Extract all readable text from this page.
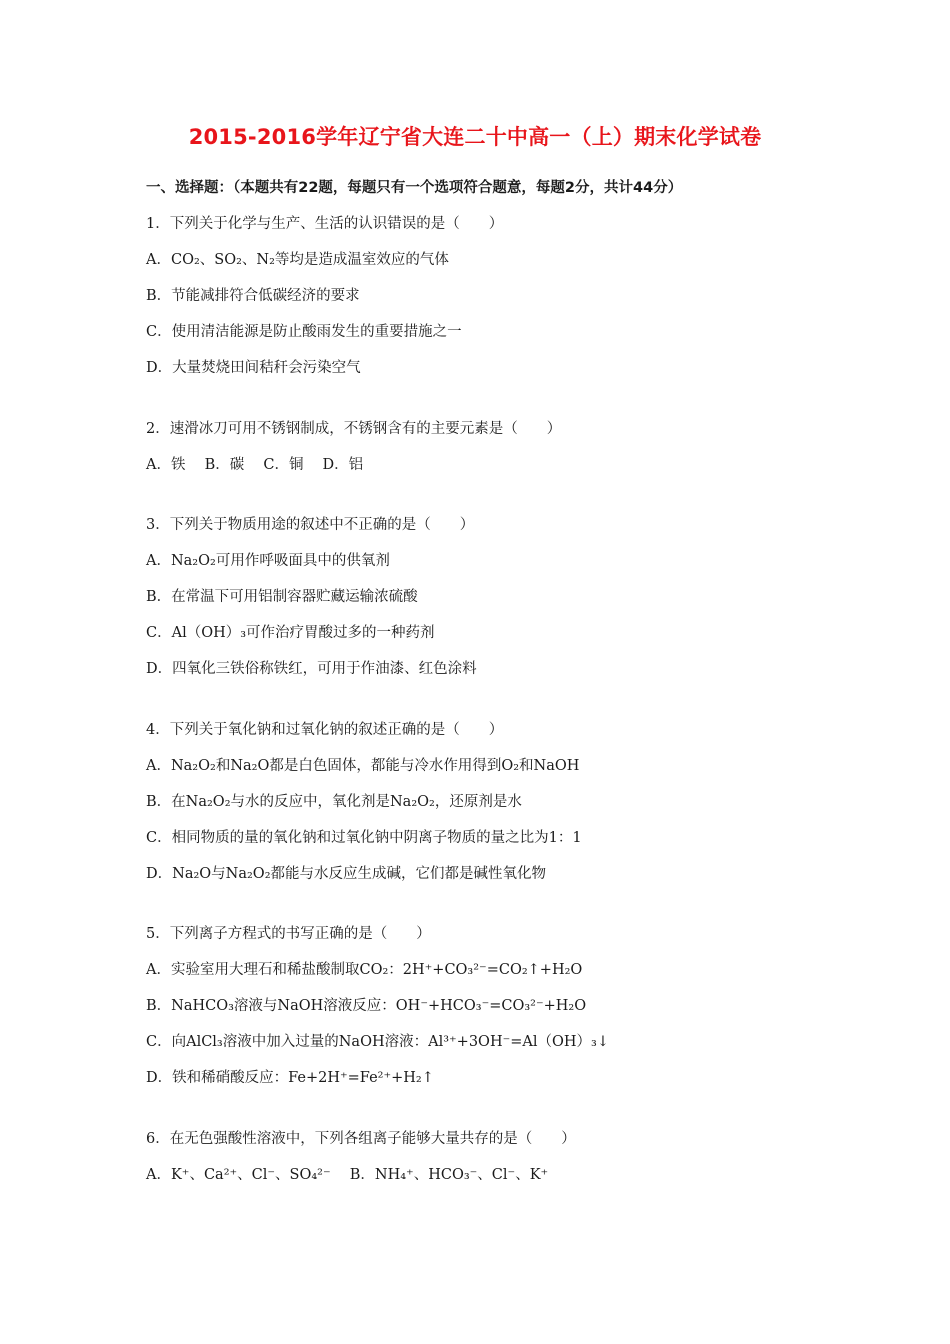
2015-2016学年辽宁省大连二十中高一（上）期末化学试卷
一、选择题：（本题共有22题，每题只有一个选项符合题意，每题2分，共计44分）
1．下列关于化学与生产、生活的认识错误的是（　　）
A．CO₂、SO₂、N₂等均是造成温室效应的气体
B．节能减排符合低碳经济的要求
C．使用清洁能源是防止酸雨发生的重要措施之一
D．大量焚烧田间秸秆会污染空气
2．速滑冰刀可用不锈钢制成，不锈钢含有的主要元素是（　　）
A．铁　 B．碳　 C．铜　 D．铝
3．下列关于物质用途的叙述中不正确的是（　　）
A．Na₂O₂可用作呼吸面具中的供氧剂
B．在常温下可用铝制容器贮藏运输浓硫酸
C．Al（OH）₃可作治疗胃酸过多的一种药剂
D．四氧化三铁俗称铁红，可用于作油漆、红色涂料
4．下列关于氧化钠和过氧化钠的叙述正确的是（　　）
A．Na₂O₂和Na₂O都是白色固体，都能与冷水作用得到O₂和NaOH
B．在Na₂O₂与水的反应中，氧化剂是Na₂O₂，还原剂是水
C．相同物质的量的氧化钠和过氧化钠中阴离子物质的量之比为1：1
D．Na₂O与Na₂O₂都能与水反应生成碱，它们都是碱性氧化物
5．下列离子方程式的书写正确的是（　　）
A．实验室用大理石和稀盐酸制取CO₂：2H⁺+CO₃²⁻=CO₂↑+H₂O
B．NaHCO₃溶液与NaOH溶液反应：OH⁻+HCO₃⁻=CO₃²⁻+H₂O
C．向AlCl₃溶液中加入过量的NaOH溶液：Al³⁺+3OH⁻=Al（OH）₃↓
D．铁和稀硝酸反应：Fe+2H⁺=Fe²⁺+H₂↑
6．在无色强酸性溶液中，下列各组离子能够大量共存的是（　　）
A．K⁺、Ca²⁺、Cl⁻、SO₄²⁻　 B．NH₄⁺、HCO₃⁻、Cl⁻、K⁺
